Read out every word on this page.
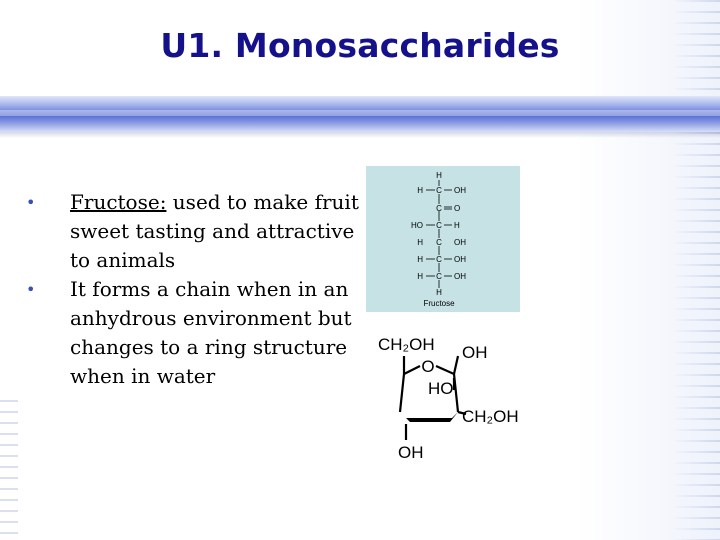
U1. Monosaccharides
• Fructose: used to make fruit sweet tasting and attractive to animals
• It forms a chain when in an anhydrous environment but changes to a ring structure when in water
H
H C OH
C O
HO C H
H C OH
H C OH
H C OH
H
Fructose
CH₂OH
O
OH
HO
CH₂OH
OH
